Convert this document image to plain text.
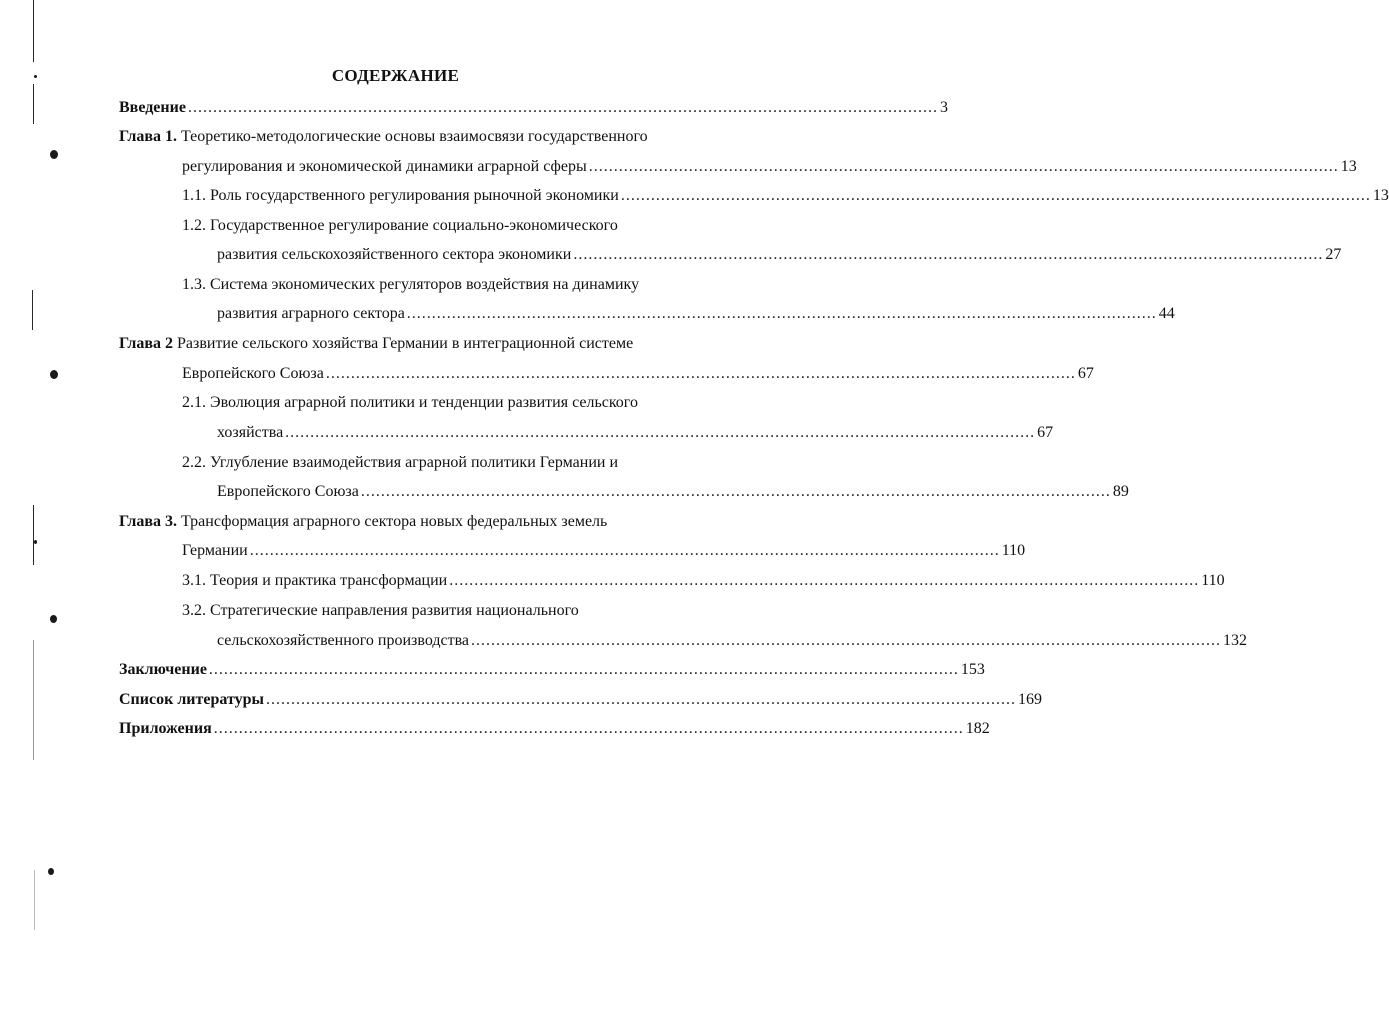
СОДЕРЖАНИЕ
Введение ...................................................................................................................................................... 3
Глава 1. Теоретико-методологические основы взаимосвязи государственного
регулирования и экономической динамики аграрной сферы ...................................................................................................................................................... 13
1.1. Роль государственного регулирования рыночной экономики ...................................................................................................................................................... 13
1.2. Государственное регулирование социально-экономического
развития сельскохозяйственного сектора экономики ...................................................................................................................................................... 27
1.3. Система экономических регуляторов воздействия на динамику
развития аграрного сектора ...................................................................................................................................................... 44
Глава 2 Развитие сельского хозяйства Германии в интеграционной системе
Европейского Союза ...................................................................................................................................................... 67
2.1. Эволюция аграрной политики и тенденции развития сельского
хозяйства ...................................................................................................................................................... 67
2.2. Углубление взаимодействия аграрной политики Германии и
Европейского Союза ...................................................................................................................................................... 89
Глава 3. Трансформация аграрного сектора новых федеральных земель
Германии ...................................................................................................................................................... 110
3.1. Теория и практика трансформации ...................................................................................................................................................... 110
3.2. Стратегические направления развития национального
сельскохозяйственного производства ...................................................................................................................................................... 132
Заключение ...................................................................................................................................................... 153
Список литературы ...................................................................................................................................................... 169
Приложения ...................................................................................................................................................... 182
